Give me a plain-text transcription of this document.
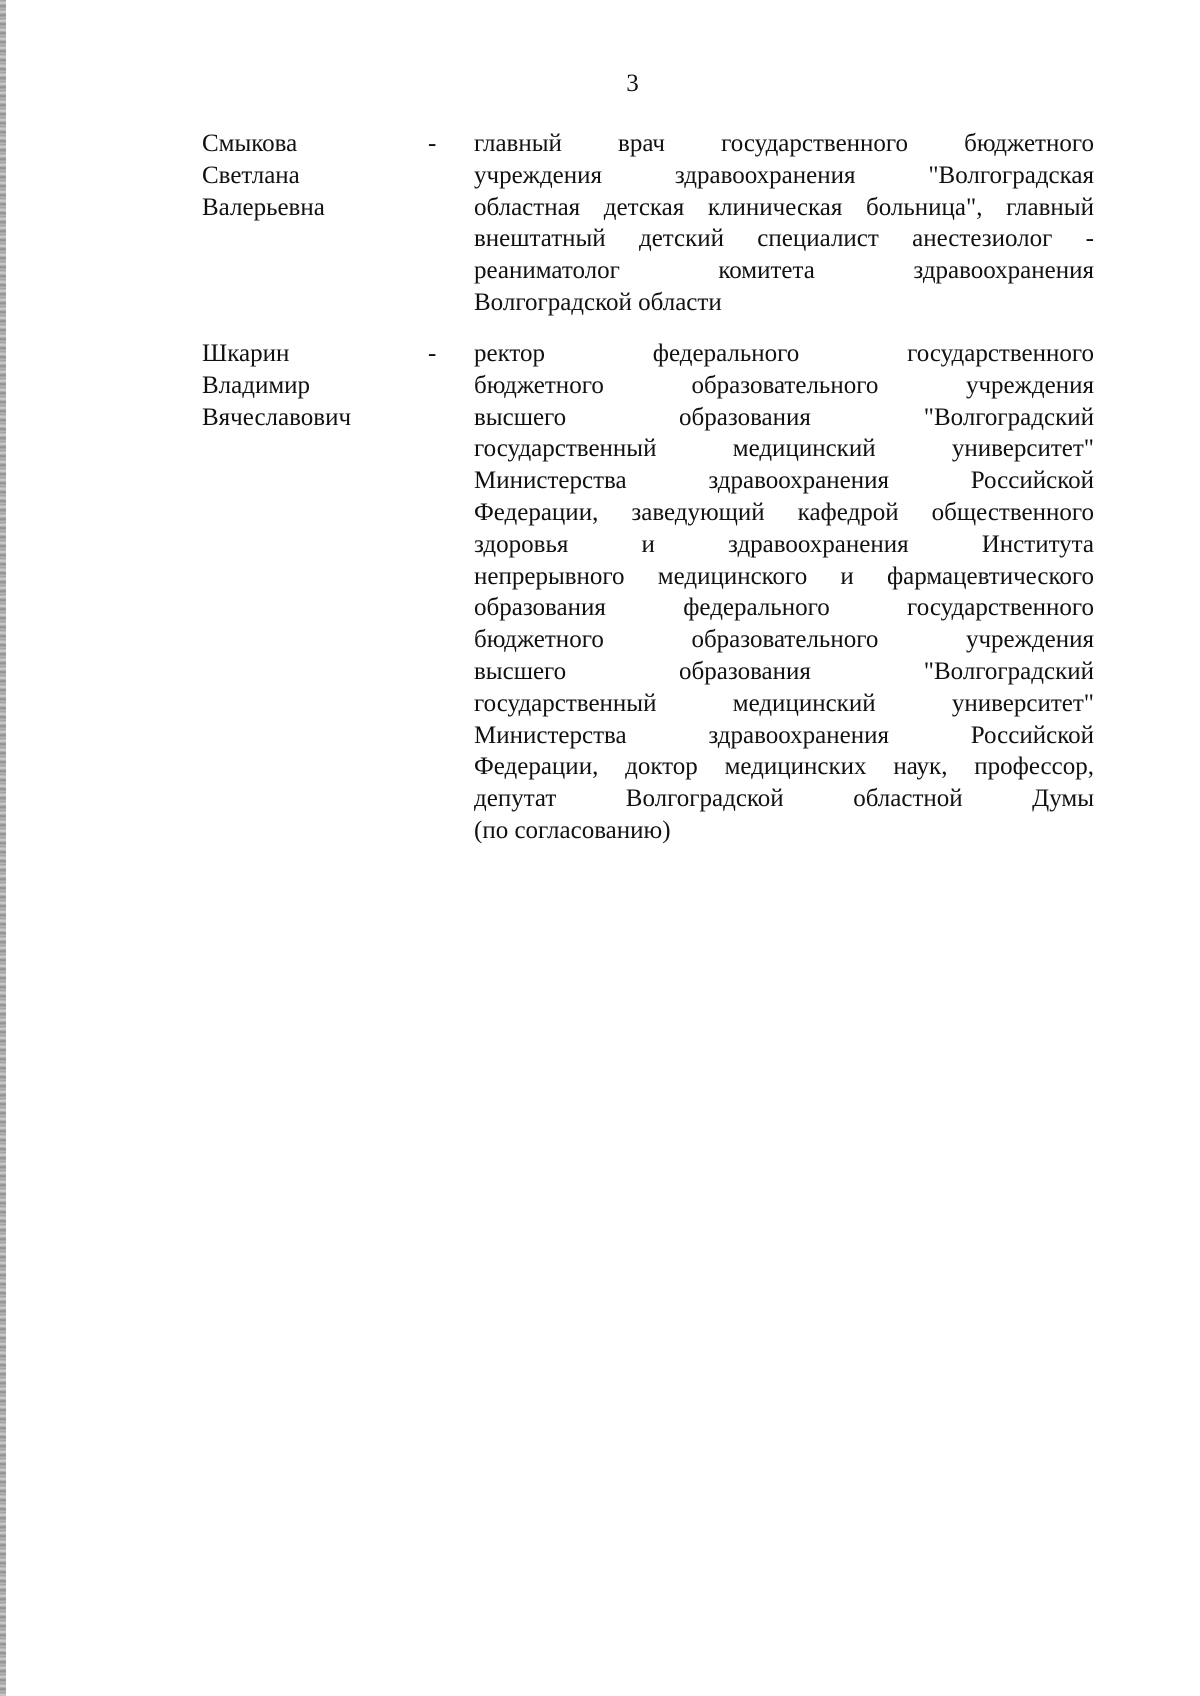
3
Смыкова
Светлана
Валерьевна
-	главный врач государственного бюджетного
учреждения здравоохранения "Волгоградская
областная детская клиническая больница", главный
внештатный детский специалист анестезиолог -
реаниматолог комитета здравоохранения
Волгоградской области
Шкарин
Владимир
Вячеславович
-	ректор федерального государственного
бюджетного образовательного учреждения
высшего образования "Волгоградский
государственный медицинский университет"
Министерства здравоохранения Российской
Федерации, заведующий кафедрой общественного
здоровья и здравоохранения Института
непрерывного медицинского и фармацевтического
образования федерального государственного
бюджетного образовательного учреждения
высшего образования "Волгоградский
государственный медицинский университет"
Министерства здравоохранения Российской
Федерации, доктор медицинских наук, профессор,
депутат Волгоградской областной Думы
(по согласованию)
